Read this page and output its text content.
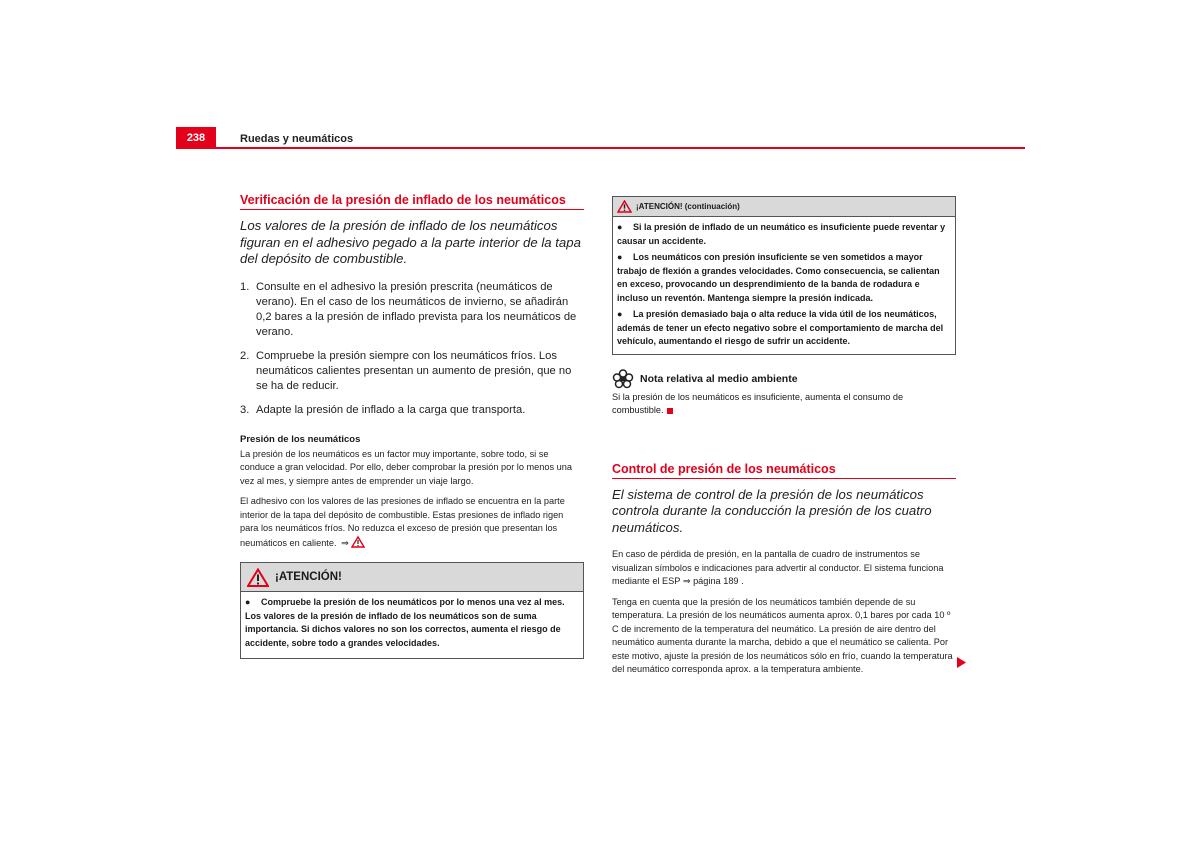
238	Ruedas y neumáticos
Verificación de la presión de inflado de los neumáticos

Los valores de la presión de inflado de los neumáticos figuran en el adhesivo pegado a la parte interior de la tapa del depósito de combustible.

1. Consulte en el adhesivo la presión prescrita (neumáticos de verano). En el caso de los neumáticos de invierno, se añadirán 0,2 bares a la presión de inflado prevista para los neumáticos de verano.
2. Compruebe la presión siempre con los neumáticos fríos. Los neumáticos calientes presentan un aumento de presión, que no se ha de reducir.
3. Adapte la presión de inflado a la carga que transporta.
Presión de los neumáticos

La presión de los neumáticos es un factor muy importante, sobre todo, si se conduce a gran velocidad. Por ello, deber comprobar la presión por lo menos una vez al mes, y siempre antes de emprender un viaje largo.

El adhesivo con los valores de las presiones de inflado se encuentra en la parte interior de la tapa del depósito de combustible. Estas presiones de inflado rigen para los neumáticos fríos. No reduzca el exceso de presión que presentan los neumáticos en caliente. ⇒

¡ATENCIÓN!

● Compruebe la presión de los neumáticos por lo menos una vez al mes. Los valores de la presión de inflado de los neumáticos son de suma importancia. Si dichos valores no son los correctos, aumenta el riesgo de accidente, sobre todo a grandes velocidades.

¡ATENCIÓN! (continuación)

● Si la presión de inflado de un neumático es insuficiente puede reventar y causar un accidente.

● Los neumáticos con presión insuficiente se ven sometidos a mayor trabajo de flexión a grandes velocidades. Como consecuencia, se calientan en exceso, provocando un desprendimiento de la banda de rodadura e incluso un reventón. Mantenga siempre la presión indicada.

● La presión demasiado baja o alta reduce la vida útil de los neumáticos, además de tener un efecto negativo sobre el comportamiento de marcha del vehículo, aumentando el riesgo de sufrir un accidente.

Nota relativa al medio ambiente
Si la presión de los neumáticos es insuficiente, aumenta el consumo de combustible.
Control de presión de los neumáticos

El sistema de control de la presión de los neumáticos controla durante la conducción la presión de los cuatro neumáticos.

En caso de pérdida de presión, en la pantalla de cuadro de instrumentos se visualizan símbolos e indicaciones para advertir al conductor. El sistema funciona mediante el ESP ⇒ página 189 .

Tenga en cuenta que la presión de los neumáticos también depende de su temperatura. La presión de los neumáticos aumenta aprox. 0,1 bares por cada 10 º C de incremento de la temperatura del neumático. La presión de aire dentro del neumático aumenta durante la marcha, debido a que el neumático se calienta. Por este motivo, ajuste la presión de los neumáticos sólo en frío, cuando la temperatura del neumático corresponda aprox. a la temperatura ambiente.
